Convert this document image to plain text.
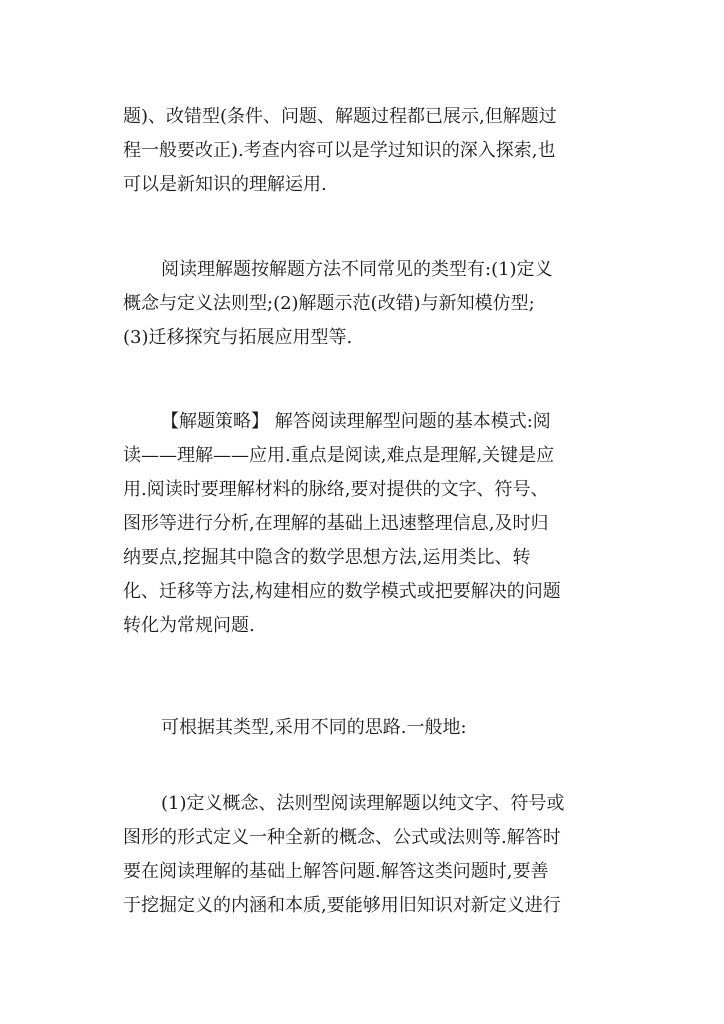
题)、改错型(条件、问题、解题过程都已展示,但解题过
程一般要改正).考查内容可以是学过知识的深入探索,也
可以是新知识的理解运用.
阅读理解题按解题方法不同常见的类型有:(1)定义
概念与定义法则型;(2)解题示范(改错)与新知模仿型;
(3)迁移探究与拓展应用型等.
【解题策略】 解答阅读理解型问题的基本模式:阅
读——理解——应用.重点是阅读,难点是理解,关键是应
用.阅读时要理解材料的脉络,要对提供的文字、符号、
图形等进行分析,在理解的基础上迅速整理信息,及时归
纳要点,挖掘其中隐含的数学思想方法,运用类比、转
化、迁移等方法,构建相应的数学模式或把要解决的问题
转化为常规问题.
可根据其类型,采用不同的思路.一般地:
(1)定义概念、法则型阅读理解题以纯文字、符号或
图形的形式定义一种全新的概念、公式或法则等.解答时
要在阅读理解的基础上解答问题.解答这类问题时,要善
于挖掘定义的内涵和本质,要能够用旧知识对新定义进行
